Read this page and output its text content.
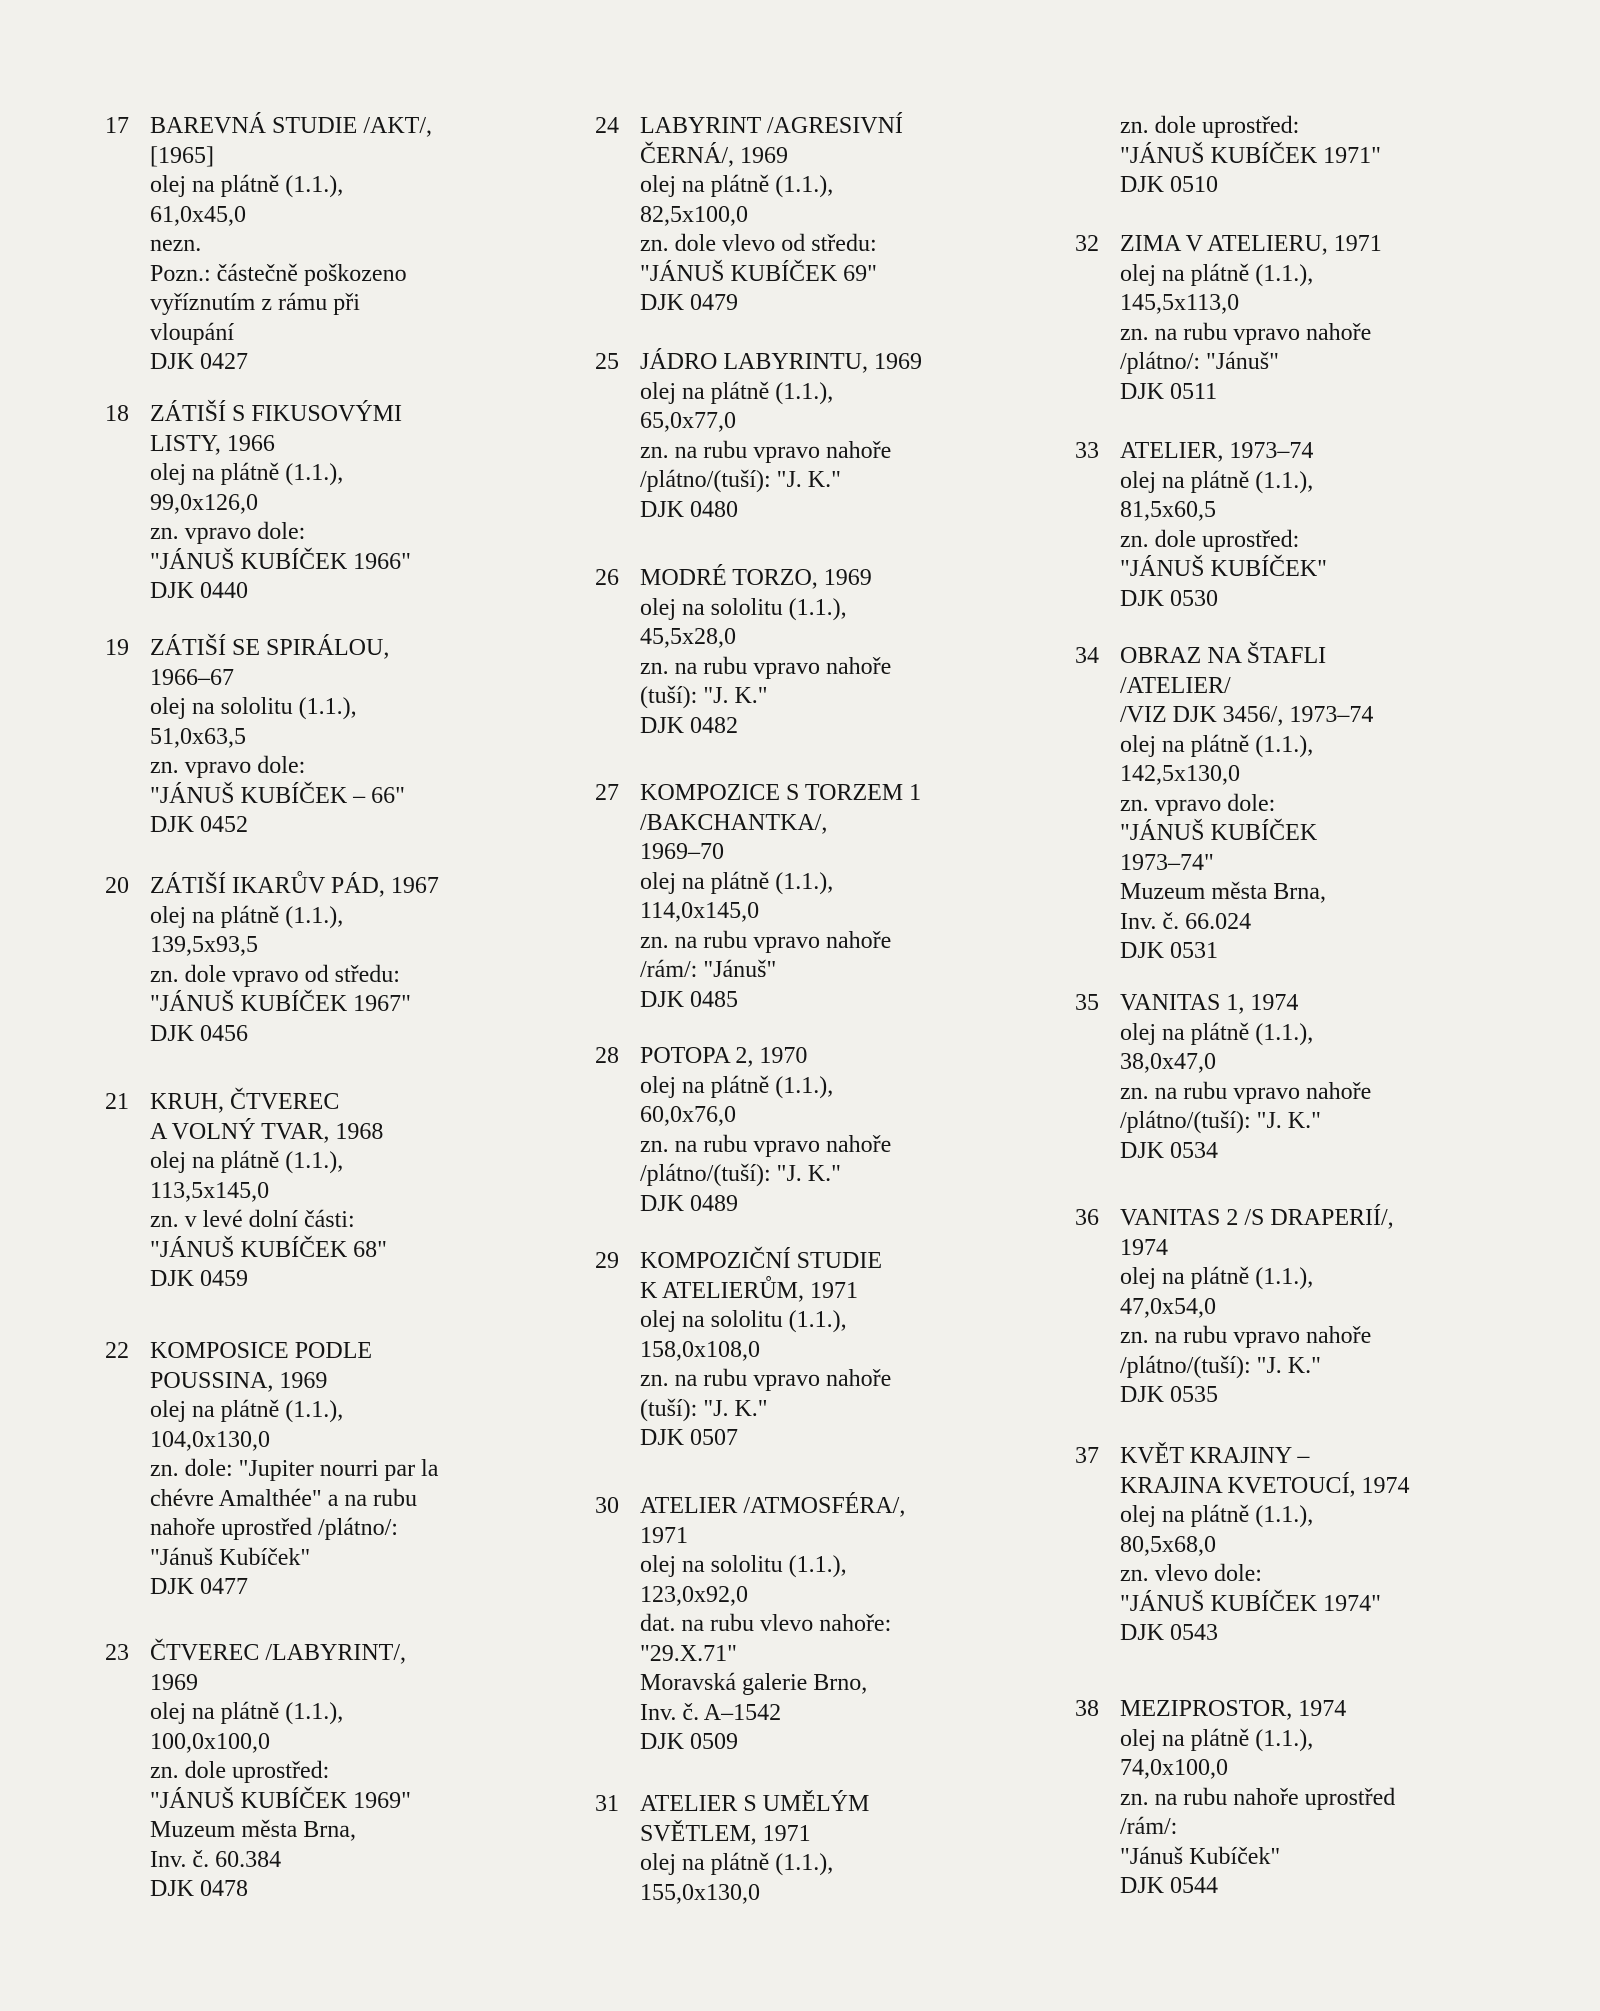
17 BAREVNÁ STUDIE /AKT/,
[1965]
olej na plátně (1.1.),
61,0x45,0
nezn.
Pozn.: částečně poškozeno
vyříznutím z rámu při
vloupání
DJK 0427
18 ZÁTIŠÍ S FIKUSOVÝMI
LISTY, 1966
olej na plátně (1.1.),
99,0x126,0
zn. vpravo dole:
"JÁNUŠ KUBÍČEK 1966"
DJK 0440
19 ZÁTIŠÍ SE SPIRÁLOU,
1966–67
olej na sololitu (1.1.),
51,0x63,5
zn. vpravo dole:
"JÁNUŠ KUBÍČEK – 66"
DJK 0452
20 ZÁTIŠÍ IKARŮV PÁD, 1967
olej na plátně (1.1.),
139,5x93,5
zn. dole vpravo od středu:
"JÁNUŠ KUBÍČEK 1967"
DJK 0456
21 KRUH, ČTVEREC
A VOLNÝ TVAR, 1968
olej na plátně (1.1.),
113,5x145,0
zn. v levé dolní části:
"JÁNUŠ KUBÍČEK 68"
DJK 0459
22 KOMPOSICE PODLE
POUSSINA, 1969
olej na plátně (1.1.),
104,0x130,0
zn. dole: "Jupiter nourri par la
chévre Amalthée" a na rubu
nahoře uprostřed /plátno/:
"Jánuš Kubíček"
DJK 0477
23 ČTVEREC /LABYRINT/,
1969
olej na plátně (1.1.),
100,0x100,0
zn. dole uprostřed:
"JÁNUŠ KUBÍČEK 1969"
Muzeum města Brna,
Inv. č. 60.384
DJK 0478
24 LABYRINT /AGRESIVNÍ
ČERNÁ/, 1969
olej na plátně (1.1.),
82,5x100,0
zn. dole vlevo od středu:
"JÁNUŠ KUBÍČEK 69"
DJK 0479
25 JÁDRO LABYRINTU, 1969
olej na plátně (1.1.),
65,0x77,0
zn. na rubu vpravo nahoře
/plátno/(tuší): "J. K."
DJK 0480
26 MODRÉ TORZO, 1969
olej na sololitu (1.1.),
45,5x28,0
zn. na rubu vpravo nahoře
(tuší): "J. K."
DJK 0482
27 KOMPOZICE S TORZEM 1
/BAKCHANTKA/,
1969–70
olej na plátně (1.1.),
114,0x145,0
zn. na rubu vpravo nahoře
/rám/: "Jánuš"
DJK 0485
28 POTOPA 2, 1970
olej na plátně (1.1.),
60,0x76,0
zn. na rubu vpravo nahoře
/plátno/(tuší): "J. K."
DJK 0489
29 KOMPOZIČNÍ STUDIE
K ATELIERŮM, 1971
olej na sololitu (1.1.),
158,0x108,0
zn. na rubu vpravo nahoře
(tuší): "J. K."
DJK 0507
30 ATELIER /ATMOSFÉRA/,
1971
olej na sololitu (1.1.),
123,0x92,0
dat. na rubu vlevo nahoře:
"29.X.71"
Moravská galerie Brno,
Inv. č. A–1542
DJK 0509
31 ATELIER S UMĚLÝM
SVĚTLEM, 1971
olej na plátně (1.1.),
155,0x130,0
zn. dole uprostřed:
"JÁNUŠ KUBÍČEK 1971"
DJK 0510
32 ZIMA V ATELIERU, 1971
olej na plátně (1.1.),
145,5x113,0
zn. na rubu vpravo nahoře
/plátno/: "Jánuš"
DJK 0511
33 ATELIER, 1973–74
olej na plátně (1.1.),
81,5x60,5
zn. dole uprostřed:
"JÁNUŠ KUBÍČEK"
DJK 0530
34 OBRAZ NA ŠTAFLI
/ATELIER/
/VIZ DJK 3456/, 1973–74
olej na plátně (1.1.),
142,5x130,0
zn. vpravo dole:
"JÁNUŠ KUBÍČEK
1973–74"
Muzeum města Brna,
Inv. č. 66.024
DJK 0531
35 VANITAS 1, 1974
olej na plátně (1.1.),
38,0x47,0
zn. na rubu vpravo nahoře
/plátno/(tuší): "J. K."
DJK 0534
36 VANITAS 2 /S DRAPERIÍ/,
1974
olej na plátně (1.1.),
47,0x54,0
zn. na rubu vpravo nahoře
/plátno/(tuší): "J. K."
DJK 0535
37 KVĚT KRAJINY –
KRAJINA KVETOUCÍ, 1974
olej na plátně (1.1.),
80,5x68,0
zn. vlevo dole:
"JÁNUŠ KUBÍČEK 1974"
DJK 0543
38 MEZIPROSTOR, 1974
olej na plátně (1.1.),
74,0x100,0
zn. na rubu nahoře uprostřed
/rám/:
"Jánuš Kubíček"
DJK 0544
